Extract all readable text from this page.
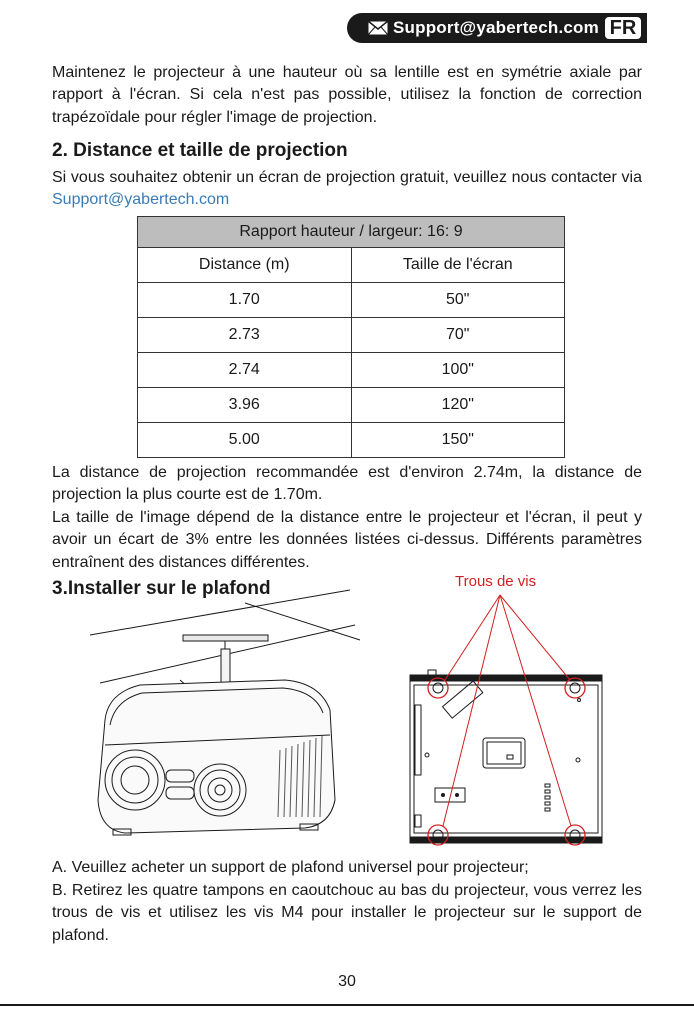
Support@yabertech.com FR

Maintenez le projecteur à une hauteur où sa lentille est en symétrie axiale par rapport à l'écran. Si cela n'est pas possible, utilisez la fonction de correction trapézoïdale pour régler l'image de projection.

2. Distance et taille de projection

Si vous souhaitez obtenir un écran de projection gratuit, veuillez nous contacter via Support@yabertech.com

Rapport hauteur / largeur: 16: 9	
Distance (m)	Taille de l'écran
1.70	50"
2.73	70"
2.74	100"
3.96	120"
5.00	150"

La distance de projection recommandée est d'environ 2.74m, la distance de projection la plus courte est de 1.70m.

La taille de l'image dépend de la distance entre le projecteur et l'écran, il peut y avoir un écart de 3% entre les données listées ci-dessus. Différents paramètres entraînent des distances différentes.

3.Installer sur le plafond	Trous de vis

A. Veuillez acheter un support de plafond universel pour projecteur;

B. Retirez les quatre tampons en caoutchouc au bas du projecteur, vous verrez les trous de vis et utilisez les vis M4 pour installer le projecteur sur le support de plafond.

30
